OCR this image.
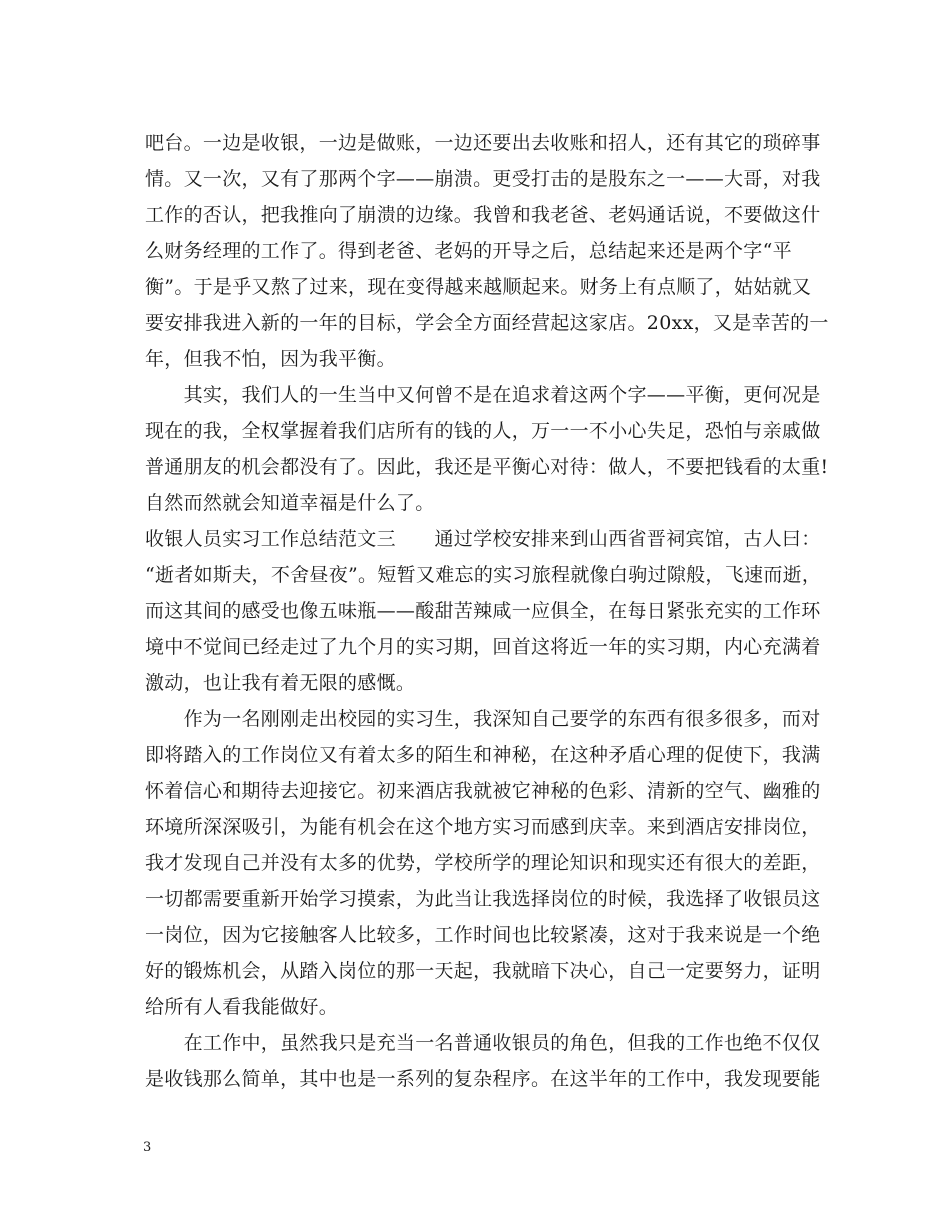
吧台。一边是收银，一边是做账，一边还要出去收账和招人，还有其它的琐碎事
情。又一次，又有了那两个字——崩溃。更受打击的是股东之一——大哥，对我
工作的否认，把我推向了崩溃的边缘。我曾和我老爸、老妈通话说，不要做这什
么财务经理的工作了。得到老爸、老妈的开导之后，总结起来还是两个字“平
衡”。于是乎又熬了过来，现在变得越来越顺起来。财务上有点顺了，姑姑就又
要安排我进入新的一年的目标，学会全方面经营起这家店。20xx，又是幸苦的一
年，但我不怕，因为我平衡。
　　其实，我们人的一生当中又何曾不是在追求着这两个字——平衡，更何况是
现在的我，全权掌握着我们店所有的钱的人，万一一不小心失足，恐怕与亲戚做
普通朋友的机会都没有了。因此，我还是平衡心对待：做人，不要把钱看的太重!
自然而然就会知道幸福是什么了。
收银人员实习工作总结范文三　　通过学校安排来到山西省晋祠宾馆，古人曰：
“逝者如斯夫，不舍昼夜”。短暂又难忘的实习旅程就像白驹过隙般，飞速而逝，
而这其间的感受也像五味瓶——酸甜苦辣咸一应俱全，在每日紧张充实的工作环
境中不觉间已经走过了九个月的实习期，回首这将近一年的实习期，内心充满着
激动，也让我有着无限的感慨。
　　作为一名刚刚走出校园的实习生，我深知自己要学的东西有很多很多，而对
即将踏入的工作岗位又有着太多的陌生和神秘，在这种矛盾心理的促使下，我满
怀着信心和期待去迎接它。初来酒店我就被它神秘的色彩、清新的空气、幽雅的
环境所深深吸引，为能有机会在这个地方实习而感到庆幸。来到酒店安排岗位，
我才发现自己并没有太多的优势，学校所学的理论知识和现实还有很大的差距，
一切都需要重新开始学习摸索，为此当让我选择岗位的时候，我选择了收银员这
一岗位，因为它接触客人比较多，工作时间也比较紧凑，这对于我来说是一个绝
好的锻炼机会，从踏入岗位的那一天起，我就暗下决心，自己一定要努力，证明
给所有人看我能做好。
　　在工作中，虽然我只是充当一名普通收银员的角色，但我的工作也绝不仅仅
是收钱那么简单，其中也是一系列的复杂程序。在这半年的工作中，我发现要能
3
